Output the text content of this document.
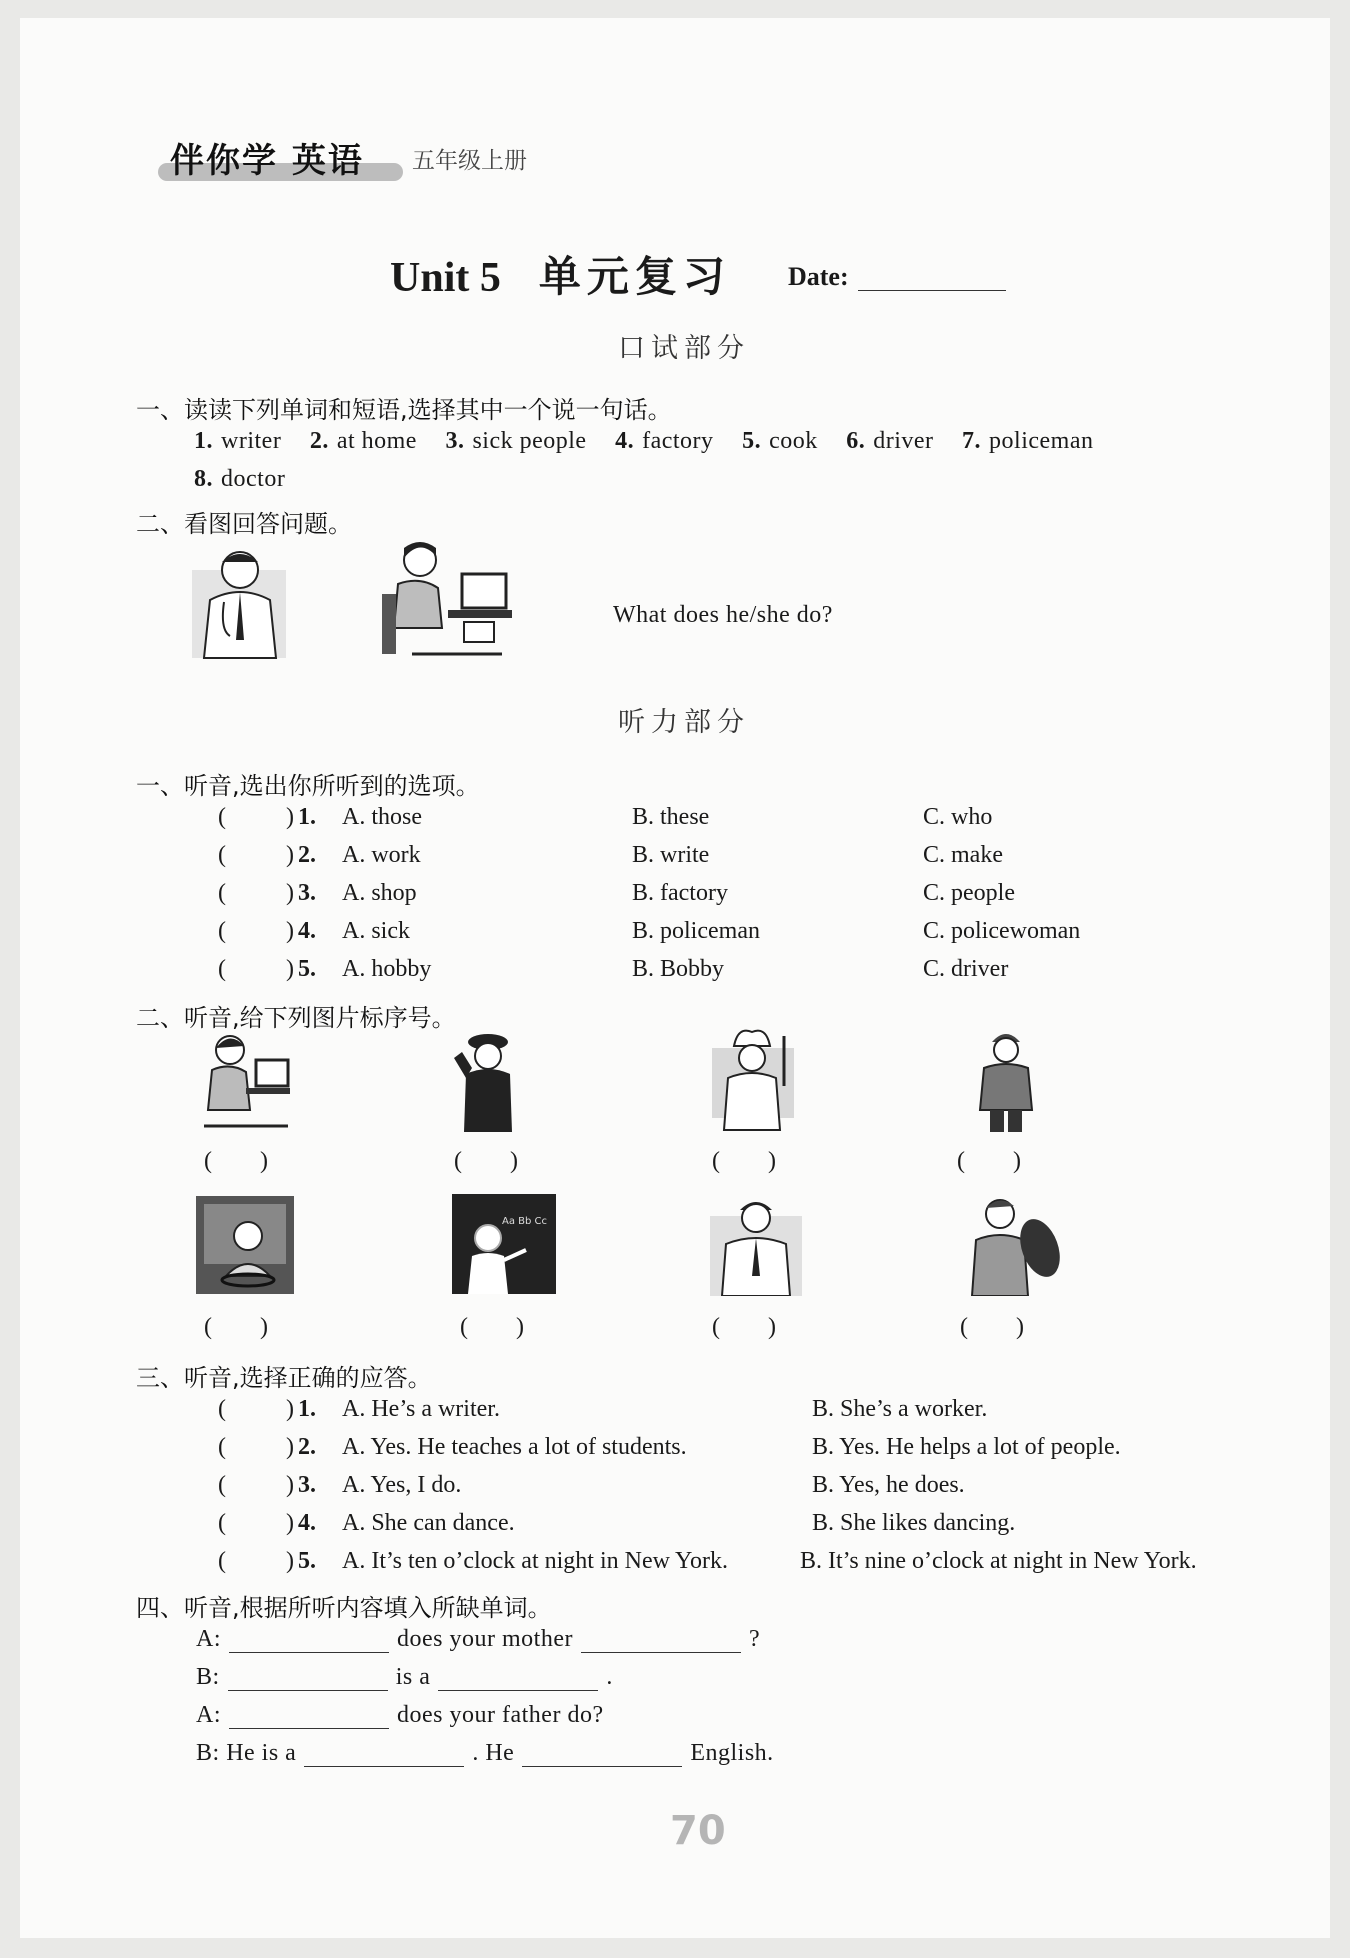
伴你学 英语 五年级上册
Unit 5 单元复习 Date:
口试部分
一、读读下列单词和短语,选择其中一个说一句话。
1. writer 2. at home 3. sick people 4. factory 5. cook 6. driver 7. policeman
8. doctor
二、看图回答问题。
What does he/she do?
听力部分
一、听音,选出你所听到的选项。
(	) 1. A. those	B. these	C. who
(	) 2. A. work	B. write	C. make
(	) 3. A. shop	B. factory	C. people
(	) 4. A. sick	B. policeman	C. policewoman
(	) 5. A. hobby	B. Bobby	C. driver
二、听音,给下列图片标序号。
( )	( )	( )	( )
Aa Bb Cc
( )	( )	( )	( )
三、听音,选择正确的应答。
(	) 1. A. He’s a writer.	B. She’s a worker.
(	) 2. A. Yes. He teaches a lot of students.	B. Yes. He helps a lot of people.
(	) 3. A. Yes, I do.	B. Yes, he does.
(	) 4. A. She can dance.	B. She likes dancing.
(	) 5. A. It’s ten o’clock at night in New York.	B. It’s nine o’clock at night in New York.
四、听音,根据所听内容填入所缺单词。
A:	does your mother	?
B:	is a	.
A:	does your father do?
B: He is a	. He	English.
70
